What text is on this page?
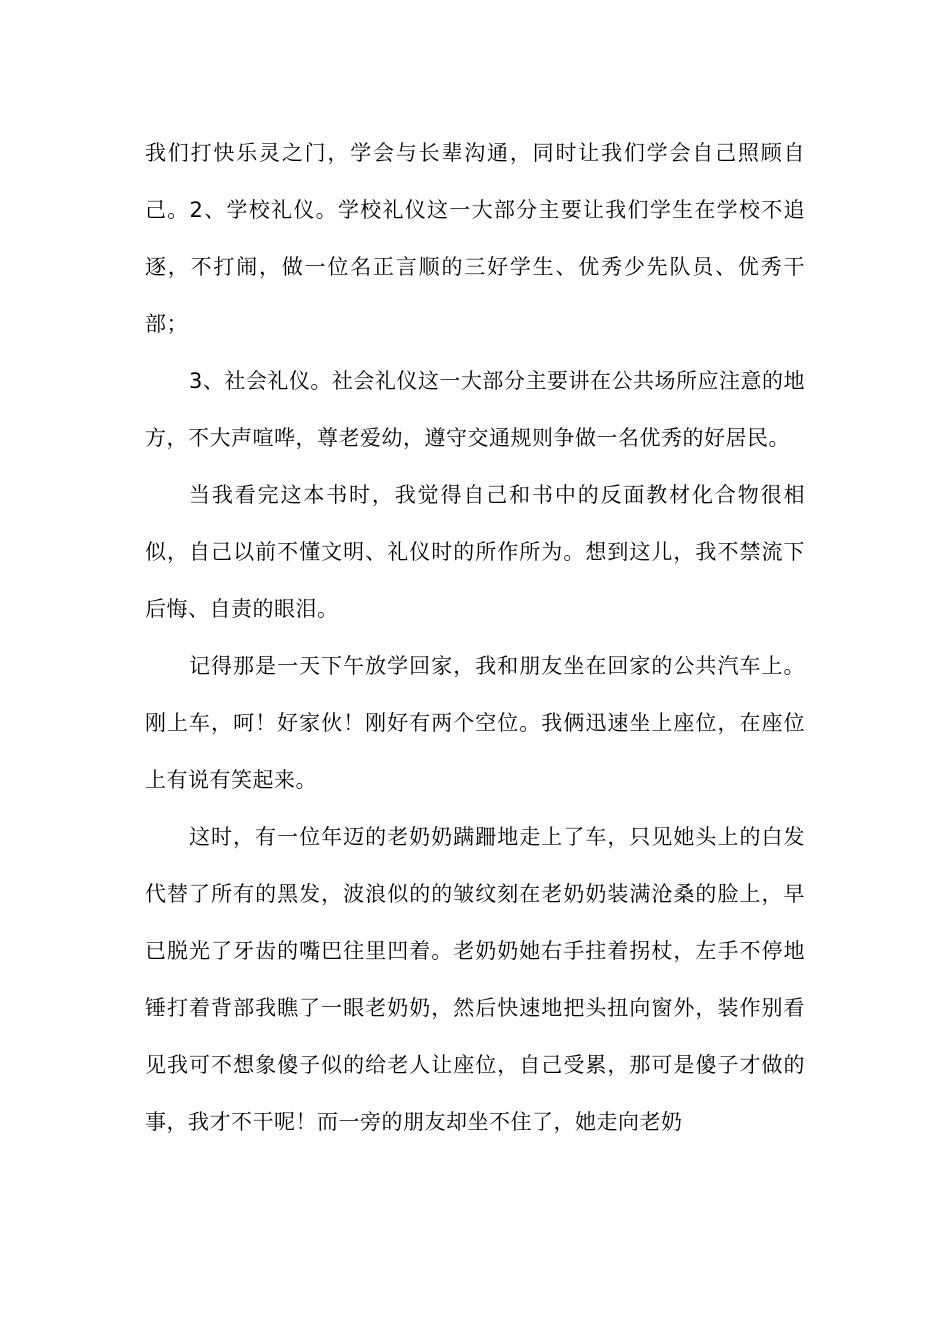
我们打快乐灵之门，学会与长辈沟通，同时让我们学会自己照顾自己。2、学校礼仪。学校礼仪这一大部分主要让我们学生在学校不追逐，不打闹，做一位名正言顺的三好学生、优秀少先队员、优秀干部；

3、社会礼仪。社会礼仪这一大部分主要讲在公共场所应注意的地方，不大声喧哗，尊老爱幼，遵守交通规则争做一名优秀的好居民。

当我看完这本书时，我觉得自己和书中的反面教材化合物很相似，自己以前不懂文明、礼仪时的所作所为。想到这儿，我不禁流下后悔、自责的眼泪。

记得那是一天下午放学回家，我和朋友坐在回家的公共汽车上。刚上车，呵！好家伙！刚好有两个空位。我俩迅速坐上座位，在座位上有说有笑起来。

这时，有一位年迈的老奶奶蹒跚地走上了车，只见她头上的白发代替了所有的黑发，波浪似的的皱纹刻在老奶奶装满沧桑的脸上，早已脱光了牙齿的嘴巴往里凹着。老奶奶她右手拄着拐杖，左手不停地锤打着背部我瞧了一眼老奶奶，然后快速地把头扭向窗外，装作别看见我可不想象傻子似的给老人让座位，自己受累，那可是傻子才做的事，我才不干呢！而一旁的朋友却坐不住了，她走向老奶
